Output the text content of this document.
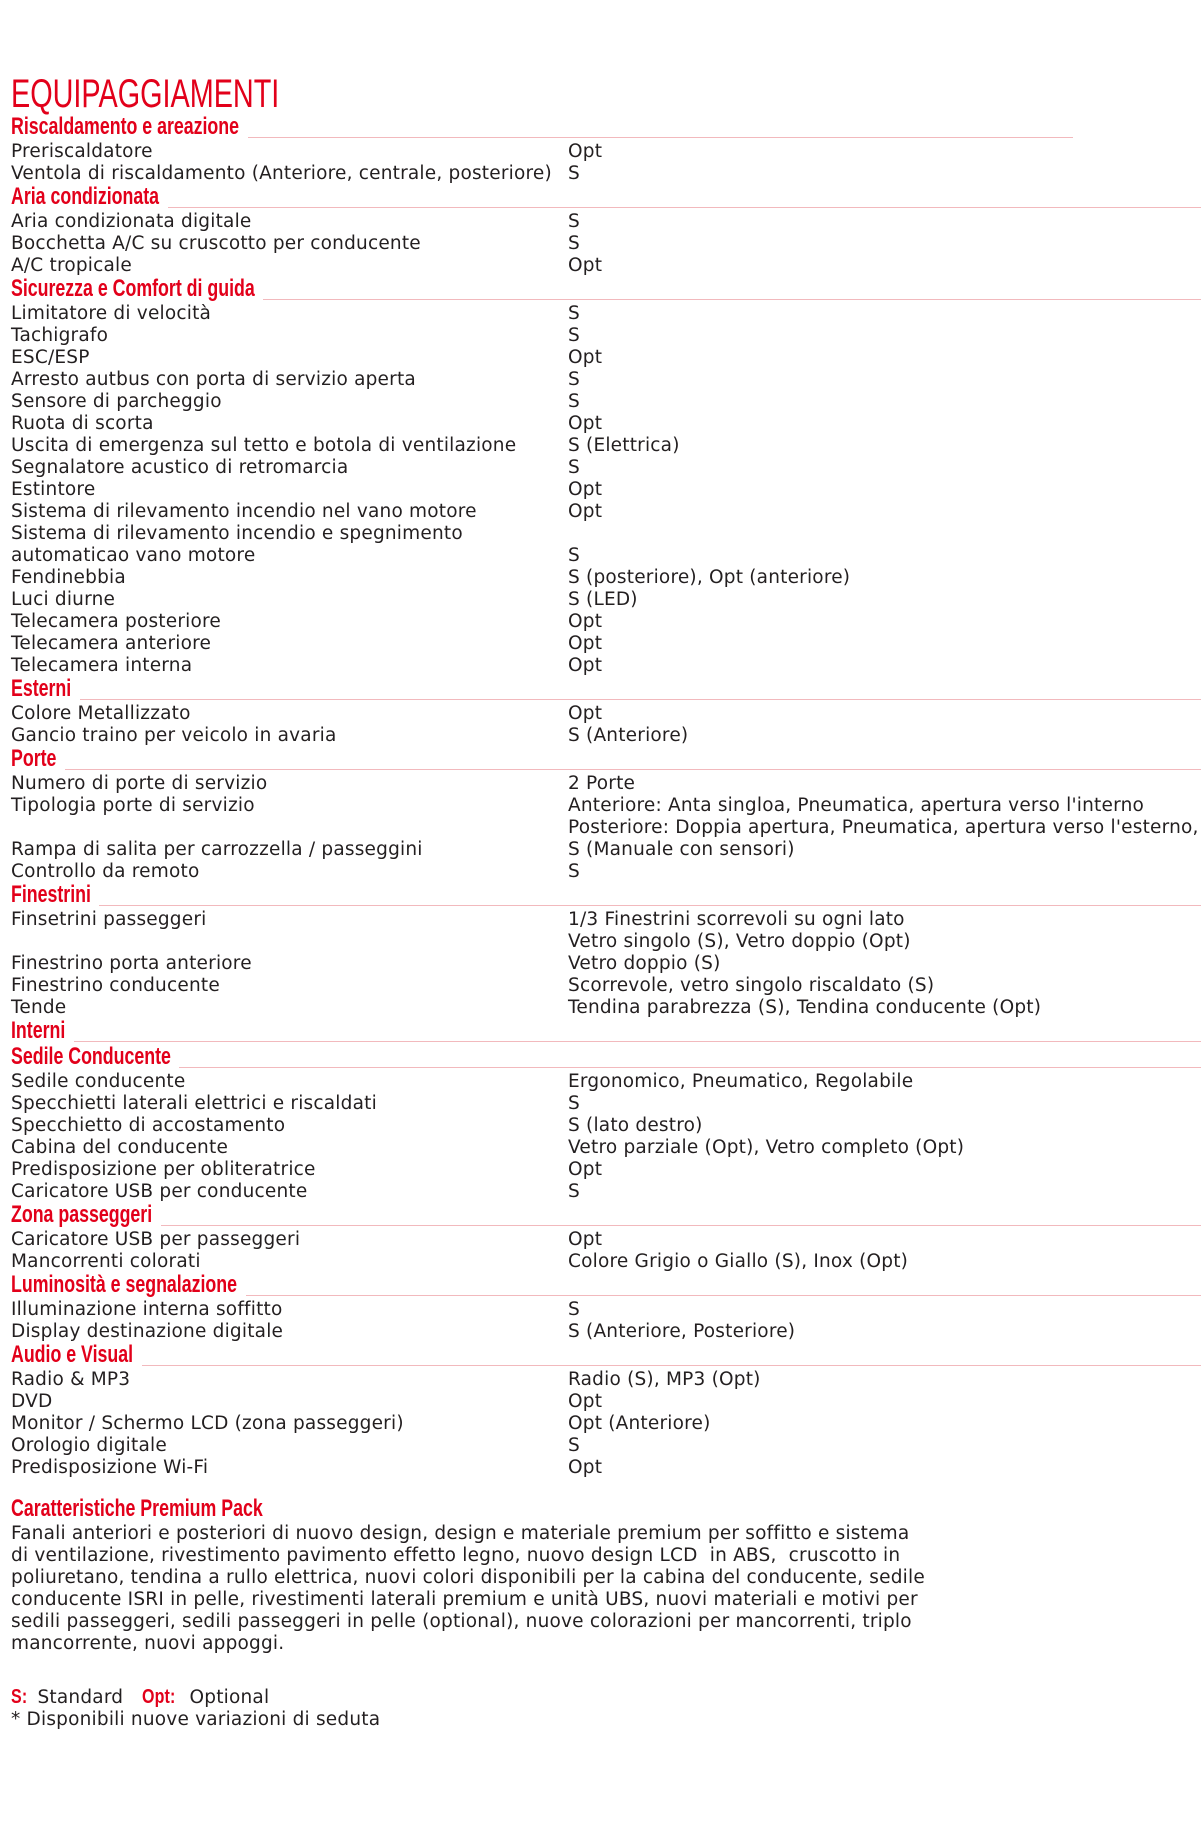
EQUIPAGGIAMENTI
Riscaldamento e areazione
Preriscaldatore	Opt
Ventola di riscaldamento (Anteriore, centrale, posteriore) S
Aria condizionata
Aria condizionata digitale	S
Bocchetta A/C su cruscotto per conducente	S
A/C tropicale	Opt
Sicurezza e Comfort di guida
Limitatore di velocità	S
Tachigrafo	S
ESC/ESP	Opt
Arresto autbus con porta di servizio aperta	S
Sensore di parcheggio	S
Ruota di scorta	Opt
Uscita di emergenza sul tetto e botola di ventilazione	S (Elettrica)
Segnalatore acustico di retromarcia	S
Estintore	Opt
Sistema di rilevamento incendio nel vano motore	Opt
Sistema di rilevamento incendio e spegnimento
automaticao vano motore	
S
Fendinebbia	S (posteriore), Opt (anteriore)
Luci diurne	S (LED)
Telecamera posteriore	Opt
Telecamera anteriore	Opt
Telecamera interna	Opt
Esterni
Colore Metallizzato	Opt
Gancio traino per veicolo in avaria	S (Anteriore)
Porte
Numero di porte di servizio	2 Porte
Tipologia porte di servizio	Anteriore: Anta singloa, Pneumatica, apertura verso l'interno
Posteriore: Doppia apertura, Pneumatica, apertura verso l'esterno,
Rampa di salita per carrozzella / passeggini	S (Manuale con sensori)
Controllo da remoto	S
Finestrini
Finsetrini passeggeri	1/3 Finestrini scorrevoli su ogni lato
Vetro singolo (S), Vetro doppio (Opt)
Finestrino porta anteriore	Vetro doppio (S)
Finestrino conducente	Scorrevole, vetro singolo riscaldato (S)
Tende	Tendina parabrezza (S), Tendina conducente (Opt)
Interni
Sedile Conducente
Sedile conducente	Ergonomico, Pneumatico, Regolabile
Specchietti laterali elettrici e riscaldati	S
Specchietto di accostamento	S (lato destro)
Cabina del conducente	Vetro parziale (Opt), Vetro completo (Opt)
Predisposizione per obliteratrice	Opt
Caricatore USB per conducente	S
Zona passeggeri
Caricatore USB per passeggeri	Opt
Mancorrenti colorati	Colore Grigio o Giallo (S), Inox (Opt)
Luminosità e segnalazione
Illuminazione interna soffitto	S
Display destinazione digitale	S (Anteriore, Posteriore)
Audio e Visual
Radio & MP3	Radio (S), MP3 (Opt)
DVD	Opt
Monitor / Schermo LCD (zona passeggeri)	Opt (Anteriore)
Orologio digitale	S
Predisposizione Wi-Fi	Opt
Caratteristiche Premium Pack
Fanali anteriori e posteriori di nuovo design, design e materiale premium per soffitto e sistema
di ventilazione, rivestimento pavimento effetto legno, nuovo design LCD  in ABS,  cruscotto in
poliuretano, tendina a rullo elettrica, nuovi colori disponibili per la cabina del conducente, sedile
conducente ISRI in pelle, rivestimenti laterali premium e unità UBS, nuovi materiali e motivi per
sedili passeggeri, sedili passeggeri in pelle (optional), nuove colorazioni per mancorrenti, triplo
mancorrente, nuovi appoggi.
S: Standard Opt: Optional
* Disponibili nuove variazioni di seduta
